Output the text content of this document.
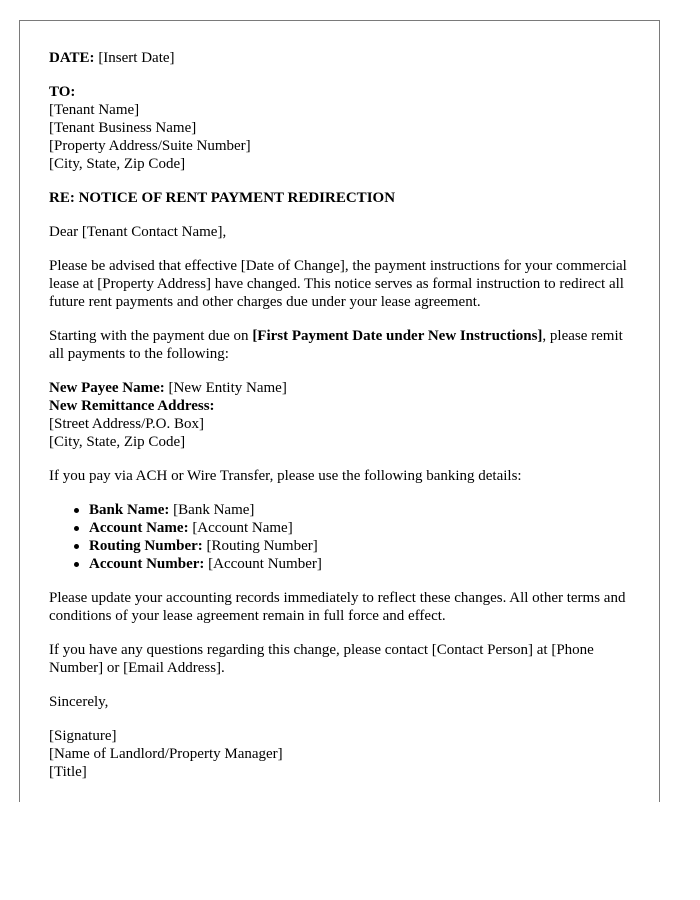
DATE: [Insert Date]

TO:
[Tenant Name]
[Tenant Business Name]
[Property Address/Suite Number]
[City, State, Zip Code]

RE: NOTICE OF RENT PAYMENT REDIRECTION

Dear [Tenant Contact Name],

Please be advised that effective [Date of Change], the payment instructions for your commercial lease at [Property Address] have changed. This notice serves as formal instruction to redirect all future rent payments and other charges due under your lease agreement.

Starting with the payment due on [First Payment Date under New Instructions], please remit all payments to the following:

New Payee Name: [New Entity Name]
New Remittance Address:
[Street Address/P.O. Box]
[City, State, Zip Code]

If you pay via ACH or Wire Transfer, please use the following banking details:

Bank Name: [Bank Name]
Account Name: [Account Name]
Routing Number: [Routing Number]
Account Number: [Account Number]

Please update your accounting records immediately to reflect these changes. All other terms and conditions of your lease agreement remain in full force and effect.

If you have any questions regarding this change, please contact [Contact Person] at [Phone Number] or [Email Address].

Sincerely,

[Signature]
[Name of Landlord/Property Manager]
[Title]
